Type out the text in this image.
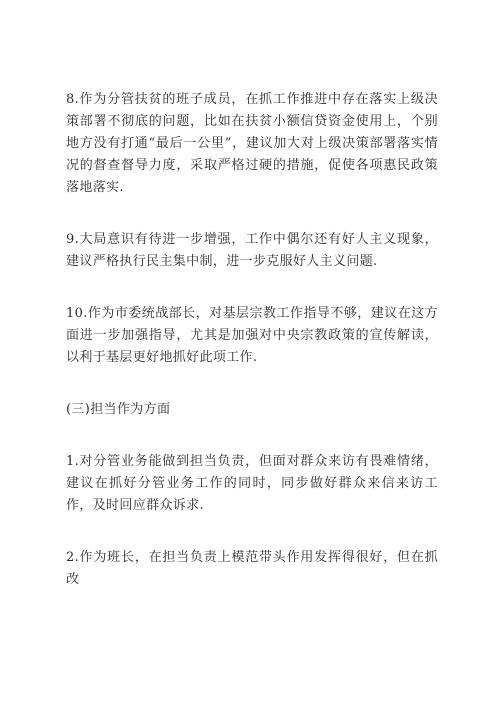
8.作为分管扶贫的班子成员，在抓工作推进中存在落实上级决策部署不彻底的问题，比如在扶贫小额信贷资金使用上，个别地方没有打通“最后一公里”，建议加大对上级决策部署落实情况的督查督导力度，采取严格过硬的措施，促使各项惠民政策落地落实.

9.大局意识有待进一步增强，工作中偶尔还有好人主义现象，建议严格执行民主集中制，进一步克服好人主义问题.

10.作为市委统战部长，对基层宗教工作指导不够，建议在这方面进一步加强指导，尤其是加强对中央宗教政策的宣传解读，以利于基层更好地抓好此项工作.

(三)担当作为方面

1.对分管业务能做到担当负责，但面对群众来访有畏难情绪，建议在抓好分管业务工作的同时，同步做好群众来信来访工作，及时回应群众诉求.

2.作为班长，在担当负责上模范带头作用发挥得很好，但在抓改
